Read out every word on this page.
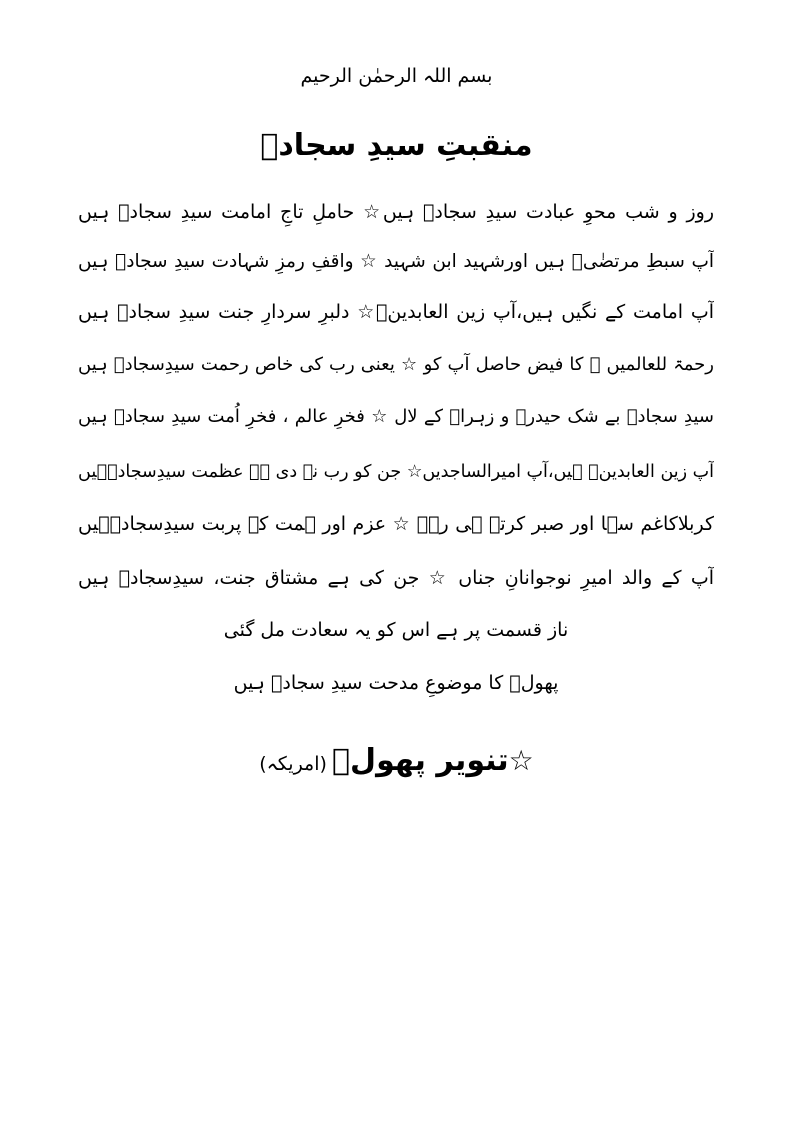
بسم اللہ الرحمٰن الرحیم
منقبتِ سیدِ سجادؓ
روز و شب محوِ عبادت سیدِ سجادؓ ہیں☆ حاملِ تاجِ امامت سیدِ سجادؓ ہیں
آپ سبطِ مرتضٰیؓ ہیں اورشہید ابن شہید ☆ واقفِ رمزِ شہادت سیدِ سجادؓ ہیں
آپ امامت کے نگیں ہیں،آپ زین العابدینؓ☆ دلبرِ سردارِ جنت سیدِ سجادؓ ہیں
رحمۃ للعالمیں ﷺ کا فیض حاصل آپ کو ☆ یعنی رب کی خاص رحمت سیدِسجادؓ ہیں
سیدِ سجادؓ بے شک حیدرؓ و زہراؓ کے لال ☆ فخرِ عالم ، فخرِ اُمت سیدِ سجادؓ ہیں
آپ زین العابدینؓ ہیں،آپ امیرالساجدیں☆ جن کو رب نے دی ہے عظمت سیدِسجادؓہیں
کربلاکاغم سہا اور صبر کرتے ہی رہے ☆ عزم اور ہمت کے پربت سیدِسجادؓہیں
آپ کے والد امیرِ نوجوانانِ جناں ☆ جن کی ہے مشتاق جنت، سیدِسجادؓ ہیں
ناز قسمت پر ہے اس کو یہ سعادت مل گئی
پھولؔ کا موضوعِ مدحت سیدِ سجادؓ ہیں
☆تنویر پھولؔ (امریکہ)
